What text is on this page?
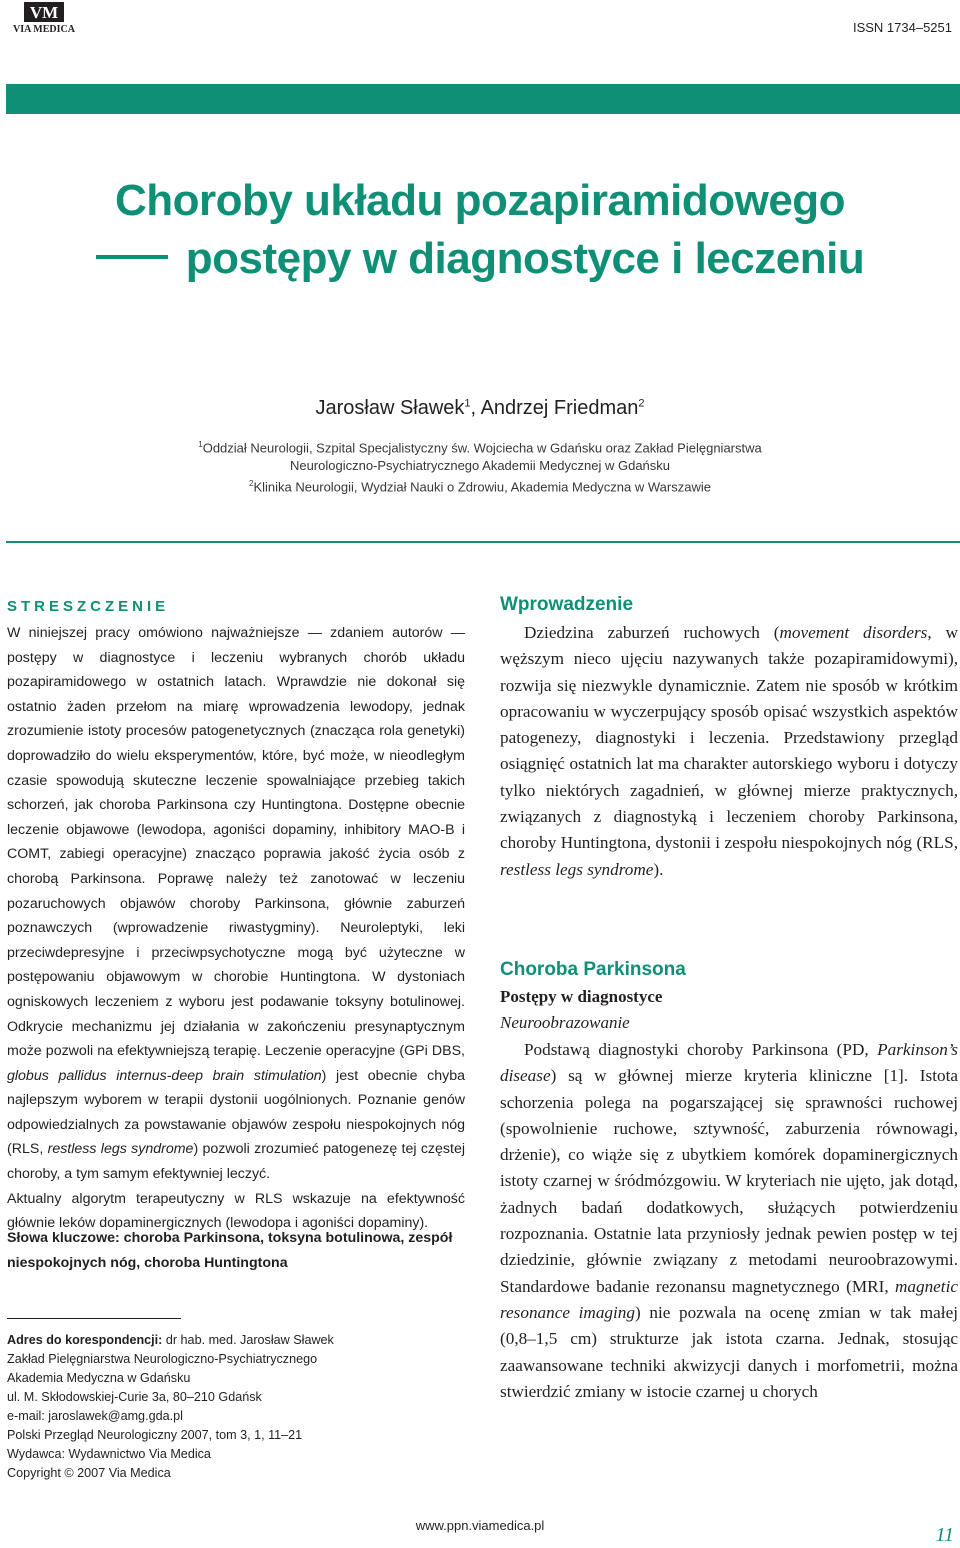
VM
VIA MEDICA	ISSN 1734–5251
Choroby układu pozapiramidowego
postępy w diagnostyce i leczeniu
Jarosław Sławek$^1$, Andrzej Friedman$^2$
$^1$Oddział Neurologii, Szpital Specjalistyczny św. Wojciecha w Gdańsku oraz Zakład Pielęgniarstwa
Neurologiczno-Psychiatrycznego Akademii Medycznej w Gdańsku
$^2$Klinika Neurologii, Wydział Nauki o Zdrowiu, Akademia Medyczna w Warszawie
STRESZCZENIE

W niniejszej pracy omówiono najważniejsze — zdaniem autorów — postępy w diagnostyce i leczeniu wybranych chorób układu pozapiramidowego w ostatnich latach. Wprawdzie nie dokonał się ostatnio żaden przełom na miarę wprowadzenia lewodopy, jednak zrozumienie istoty procesów patogenetycznych (znacząca rola genetyki) doprowadziło do wielu eksperymentów, które, być może, w nieodległym czasie spowodują skuteczne leczenie spowalniające przebieg takich schorzeń, jak choroba Parkinsona czy Huntingtona. Dostępne obecnie leczenie objawowe (lewodopa, agoniści dopaminy, inhibitory MAO-B i COMT, zabiegi operacyjne) znacząco poprawia jakość życia osób z chorobą Parkinsona. Poprawę należy też zanotować w leczeniu pozaruchowych objawów choroby Parkinsona, głównie zaburzeń poznawczych (wprowadzenie riwastygminy). Neuroleptyki, leki przeciwdepresyjne i przeciwpsychotyczne mogą być użyteczne w postępowaniu objawowym w chorobie Huntingtona. W dystoniach ogniskowych leczeniem z wyboru jest podawanie toksyny botulinowej. Odkrycie mechanizmu jej działania w zakończeniu presynaptycznym może pozwoli na efektywniejszą terapię. Leczenie operacyjne (GPi DBS, globus pallidus internus-deep brain stimulation) jest obecnie chyba najlepszym wyborem w terapii dystonii uogólnionych. Poznanie genów odpowiedzialnych za powstawanie objawów zespołu niespokojnych nóg (RLS, restless legs syndrome) pozwoli zrozumieć patogenezę tej częstej choroby, a tym samym efektywniej leczyć.

Aktualny algorytm terapeutyczny w RLS wskazuje na efektywność głównie leków dopaminergicznych (lewodopa i agoniści dopaminy).

Słowa kluczowe: choroba Parkinsona, toksyna botulinowa, zespół niespokojnych nóg, choroba Huntingtona
Adres do korespondencji: dr hab. med. Jarosław Sławek
Zakład Pielęgniarstwa Neurologiczno-Psychiatrycznego
Akademia Medyczna w Gdańsku
ul. M. Skłodowskiej-Curie 3a, 80–210 Gdańsk
e-mail: jaroslawek@amg.gda.pl
Polski Przegląd Neurologiczny 2007, tom 3, 1, 11–21
Wydawca: Wydawnictwo Via Medica
Copyright © 2007 Via Medica
Wprowadzenie

Dziedzina zaburzeń ruchowych (movement disorders, w węższym nieco ujęciu nazywanych także pozapiramidowymi), rozwija się niezwykle dynamicznie. Zatem nie sposób w krótkim opracowaniu w wyczerpujący sposób opisać wszystkich aspektów patogenezy, diagnostyki i leczenia. Przedstawiony przegląd osiągnięć ostatnich lat ma charakter autorskiego wyboru i dotyczy tylko niektórych zagadnień, w głównej mierze praktycznych, związanych z diagnostyką i leczeniem choroby Parkinsona, choroby Huntingtona, dystonii i zespołu niespokojnych nóg (RLS, restless legs syndrome).

Choroba Parkinsona
Postępy w diagnostyce
Neuroobrazowanie

Podstawą diagnostyki choroby Parkinsona (PD, Parkinson’s disease) są w głównej mierze kryteria kliniczne [1]. Istota schorzenia polega na pogarszającej się sprawności ruchowej (spowolnienie ruchowe, sztywność, zaburzenia równowagi, drżenie), co wiąże się z ubytkiem komórek dopaminergicznych istoty czarnej w śródmózgowiu. W kryteriach nie ujęto, jak dotąd, żadnych badań dodatkowych, służących potwierdzeniu rozpoznania. Ostatnie lata przyniosły jednak pewien postęp w tej dziedzinie, głównie związany z metodami neuroobrazowymi. Standardowe badanie rezonansu magnetycznego (MRI, magnetic resonance imaging) nie pozwala na ocenę zmian w tak małej (0,8–1,5 cm) strukturze jak istota czarna. Jednak, stosując zaawansowane techniki akwizycji danych i morfometrii, można stwierdzić zmiany w istocie czarnej u chorych

www.ppn.viamedica.pl	11
